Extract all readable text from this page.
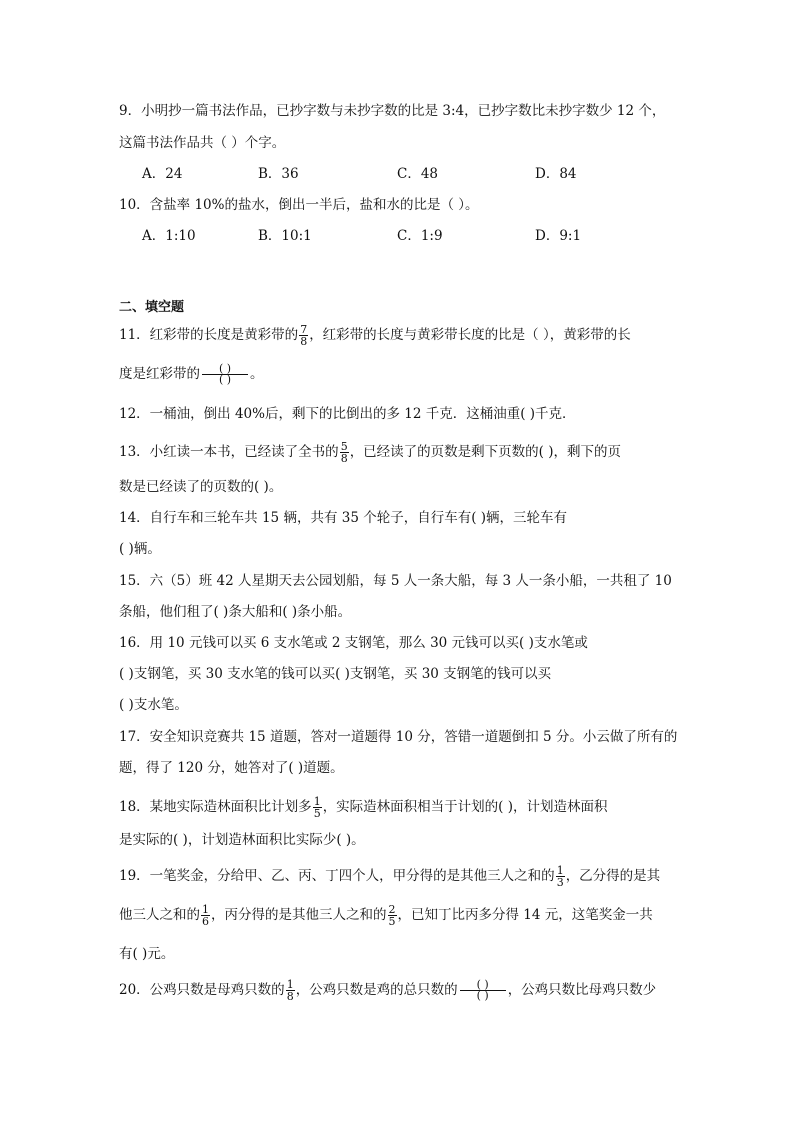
9．小明抄一篇书法作品，已抄字数与未抄字数的比是 3:4，已抄字数比未抄字数少 12 个，
这篇书法作品共（ ）个字。
A．24	B．36	C．48	D．84
10．含盐率 10%的盐水，倒出一半后，盐和水的比是（ ）。
A．1:10	B．10:1	C．1:9	D．9:1
二、填空题
11．红彩带的长度是黄彩带的 $\frac{7}{8}$ ，红彩带的长度与黄彩带长度的比是（ ），黄彩带的长
度是红彩带的 $\frac{( )}{( )}$ 。
12．一桶油，倒出 40%后，剩下的比倒出的多 12 千克．这桶油重( )千克．
13．小红读一本书，已经读了全书的 $\frac{5}{8}$ ，已经读了的页数是剩下页数的( )，剩下的页
数是已经读了的页数的( )。
14．自行车和三轮车共 15 辆，共有 35 个轮子，自行车有( )辆，三轮车有
( )辆。
15．六（5）班 42 人星期天去公园划船，每 5 人一条大船，每 3 人一条小船，一共租了 10
条船，他们租了( )条大船和( )条小船。
16．用 10 元钱可以买 6 支水笔或 2 支钢笔，那么 30 元钱可以买( )支水笔或
( )支钢笔，买 30 支水笔的钱可以买( )支钢笔，买 30 支钢笔的钱可以买
( )支水笔。
17．安全知识竞赛共 15 道题，答对一道题得 10 分，答错一道题倒扣 5 分。小云做了所有的
题，得了 120 分，她答对了( )道题。
18．某地实际造林面积比计划多 $\frac{1}{5}$ ，实际造林面积相当于计划的( )，计划造林面积
是实际的( )，计划造林面积比实际少( )。
19．一笔奖金，分给甲、乙、丙、丁四个人，甲分得的是其他三人之和的 $\frac{1}{3}$ ，乙分得的是其
他三人之和的 $\frac{1}{6}$ ，丙分得的是其他三人之和的 $\frac{2}{5}$ ，已知丁比丙多分得 14 元，这笔奖金一共
有( )元。
20．公鸡只数是母鸡只数的 $\frac{1}{8}$ ，公鸡只数是鸡的总只数的 $\frac{( )}{( )}$ ，公鸡只数比母鸡只数少
